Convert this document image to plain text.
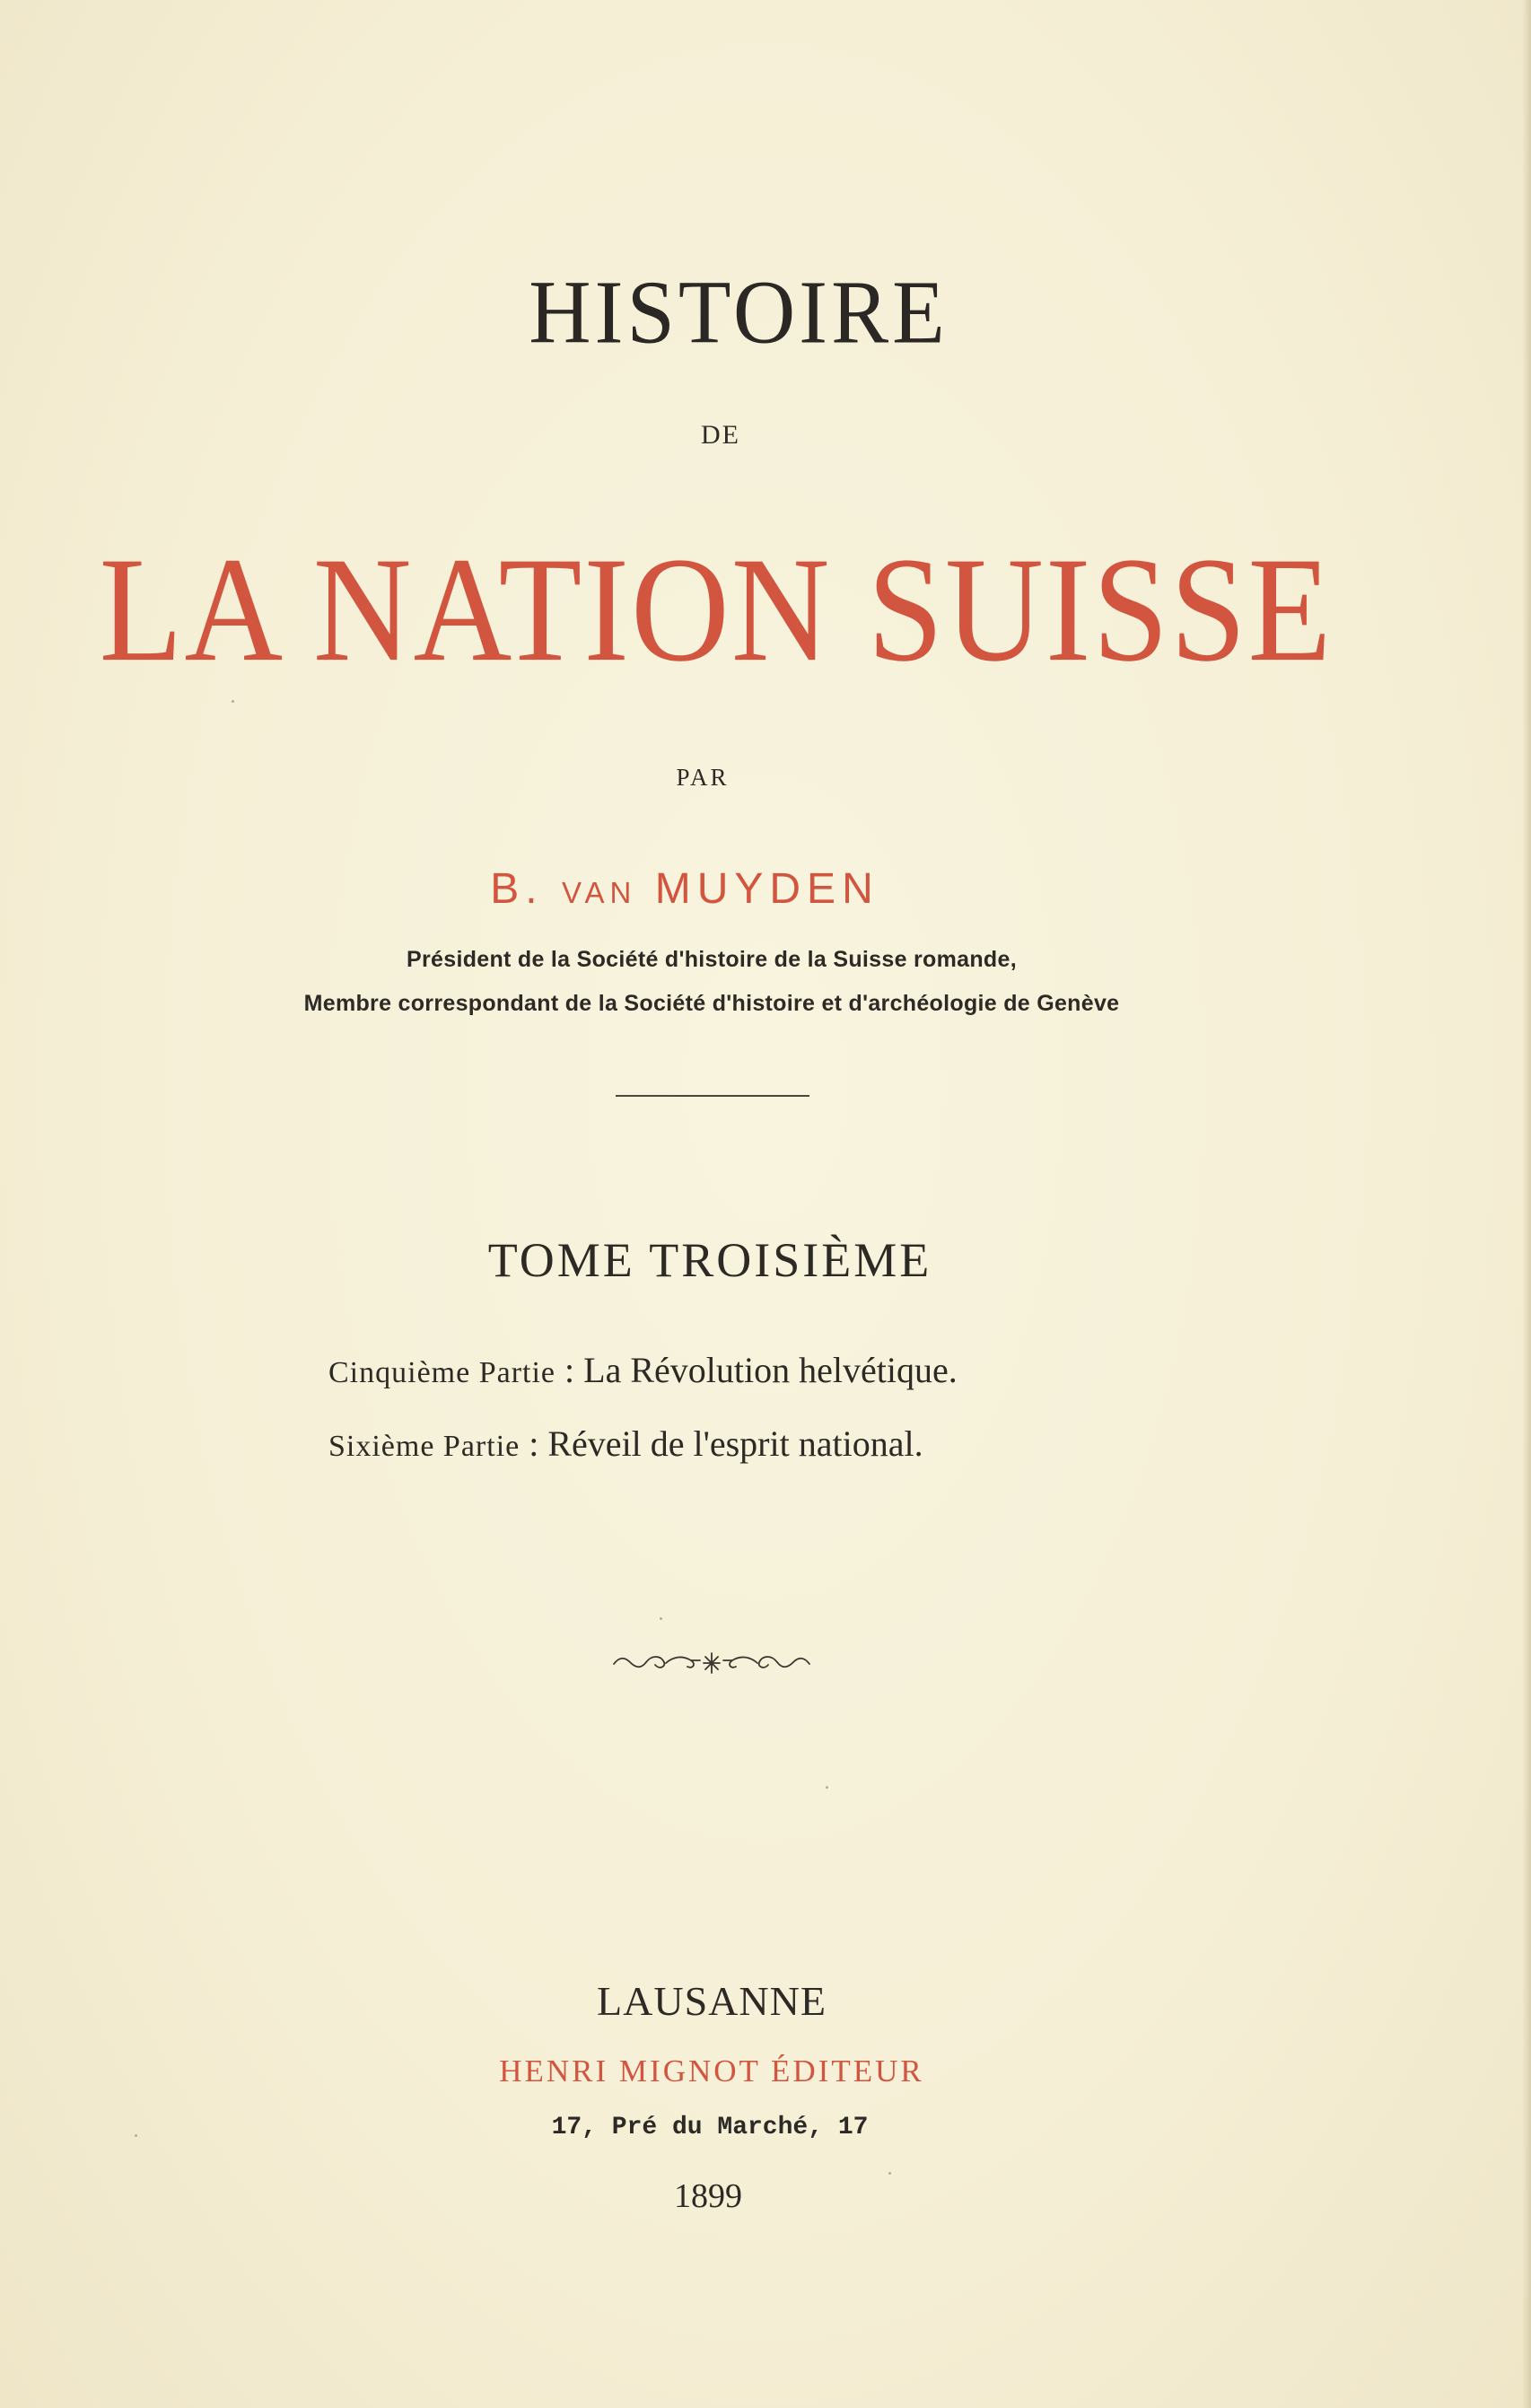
HISTOIRE
DE
LA NATION SUISSE
PAR
B. VAN MUYDEN
Président de la Société d'histoire de la Suisse romande,
Membre correspondant de la Société d'histoire et d'archéologie de Genève
TOME TROISIÈME
Cinquième Partie : La Révolution helvétique.
Sixième Partie : Réveil de l'esprit national.
LAUSANNE
HENRI MIGNOT ÉDITEUR
17, Pré du Marché, 17
1899
